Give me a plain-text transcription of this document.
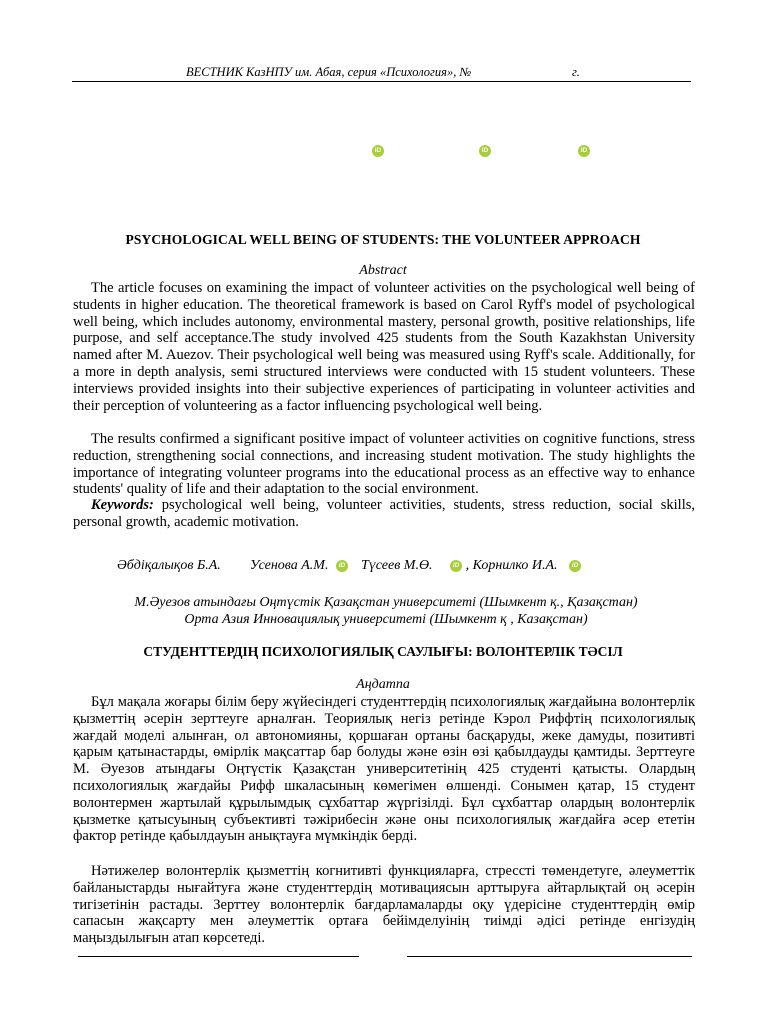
ВЕСТНИК КазНПУ им. Абая, серия «Психология», №	г.
iD	iD	iD
PSYCHOLOGICAL WELL BEING OF STUDENTS: THE VOLUNTEER APPROACH
Abstract

The article focuses on examining the impact of volunteer activities on the psychological well being of students in higher education. The theoretical framework is based on Carol Ryff's model of psychological well being, which includes autonomy, environmental mastery, personal growth, positive relationships, life purpose, and self acceptance.The study involved 425 students from the South Kazakhstan University named after M. Auezov. Their psychological well being was measured using Ryff's scale. Additionally, for a more in depth analysis, semi structured interviews were conducted with 15 student volunteers. These interviews provided insights into their subjective experiences of participating in volunteer activities and their perception of volunteering as a factor influencing psychological well being.

The results confirmed a significant positive impact of volunteer activities on cognitive functions, stress reduction, strengthening social connections, and increasing student motivation. The study highlights the importance of integrating volunteer programs into the educational process as an effective way to enhance students' quality of life and their adaptation to the social environment.

Keywords: psychological well being, volunteer activities, students, stress reduction, social skills, personal growth, academic motivation.

Әбдіқалықов Б.А. Усенова А.М. iD Түсеев М.Ө.	iD , Корнилко И.А. iD
М.Әуезов атындағы Оңтүстік Қазақстан университеті (Шымкент қ., Қазақстан)
Орта Азия Инновациялық университеті (Шымкент қ , Казақстан)
СТУДЕНТТЕРДІҢ ПСИХОЛОГИЯЛЫҚ САУЛЫҒЫ: ВОЛОНТЕРЛІК ТӘСІЛ
Аңдатпа

Бұл мақала жоғары білім беру жүйесіндегі студенттердің психологиялық жағдайына волонтерлік қызметтің әсерін зерттеуге арналған. Теориялық негіз ретінде Кэрол Риффтің психологиялық жағдай моделі алынған, ол автономияны, қоршаған ортаны басқаруды, жеке дамуды, позитивті қарым қатынастарды, өмірлік мақсаттар бар болуды және өзін өзі қабылдауды қамтиды. Зерттеуге М. Әуезов атындағы Оңтүстік Қазақстан университетінің 425 студенті қатысты. Олардың психологиялық жағдайы Рифф шкаласының көмегімен өлшенді. Сонымен қатар, 15 студент волонтермен жартылай құрылымдық сұхбаттар жүргізілді. Бұл сұхбаттар олардың волонтерлік қызметке қатысуының субъективті тәжірибесін және оны психологиялық жағдайға әсер ететін фактор ретінде қабылдауын анықтауға мүмкіндік берді.

Нәтижелер волонтерлік қызметтің когнитивті функцияларға, стрессті төмендетуге, әлеуметтік байланыстарды нығайтуға және студенттердің мотивациясын арттыруға айтарлықтай оң әсерін тигізетінін растады. Зерттеу волонтерлік бағдарламаларды оқу үдерісіне студенттердің өмір сапасын жақсарту мен әлеуметтік ортаға бейімделуінің тиімді әдісі ретінде енгізудің маңыздылығын атап көрсетеді.
